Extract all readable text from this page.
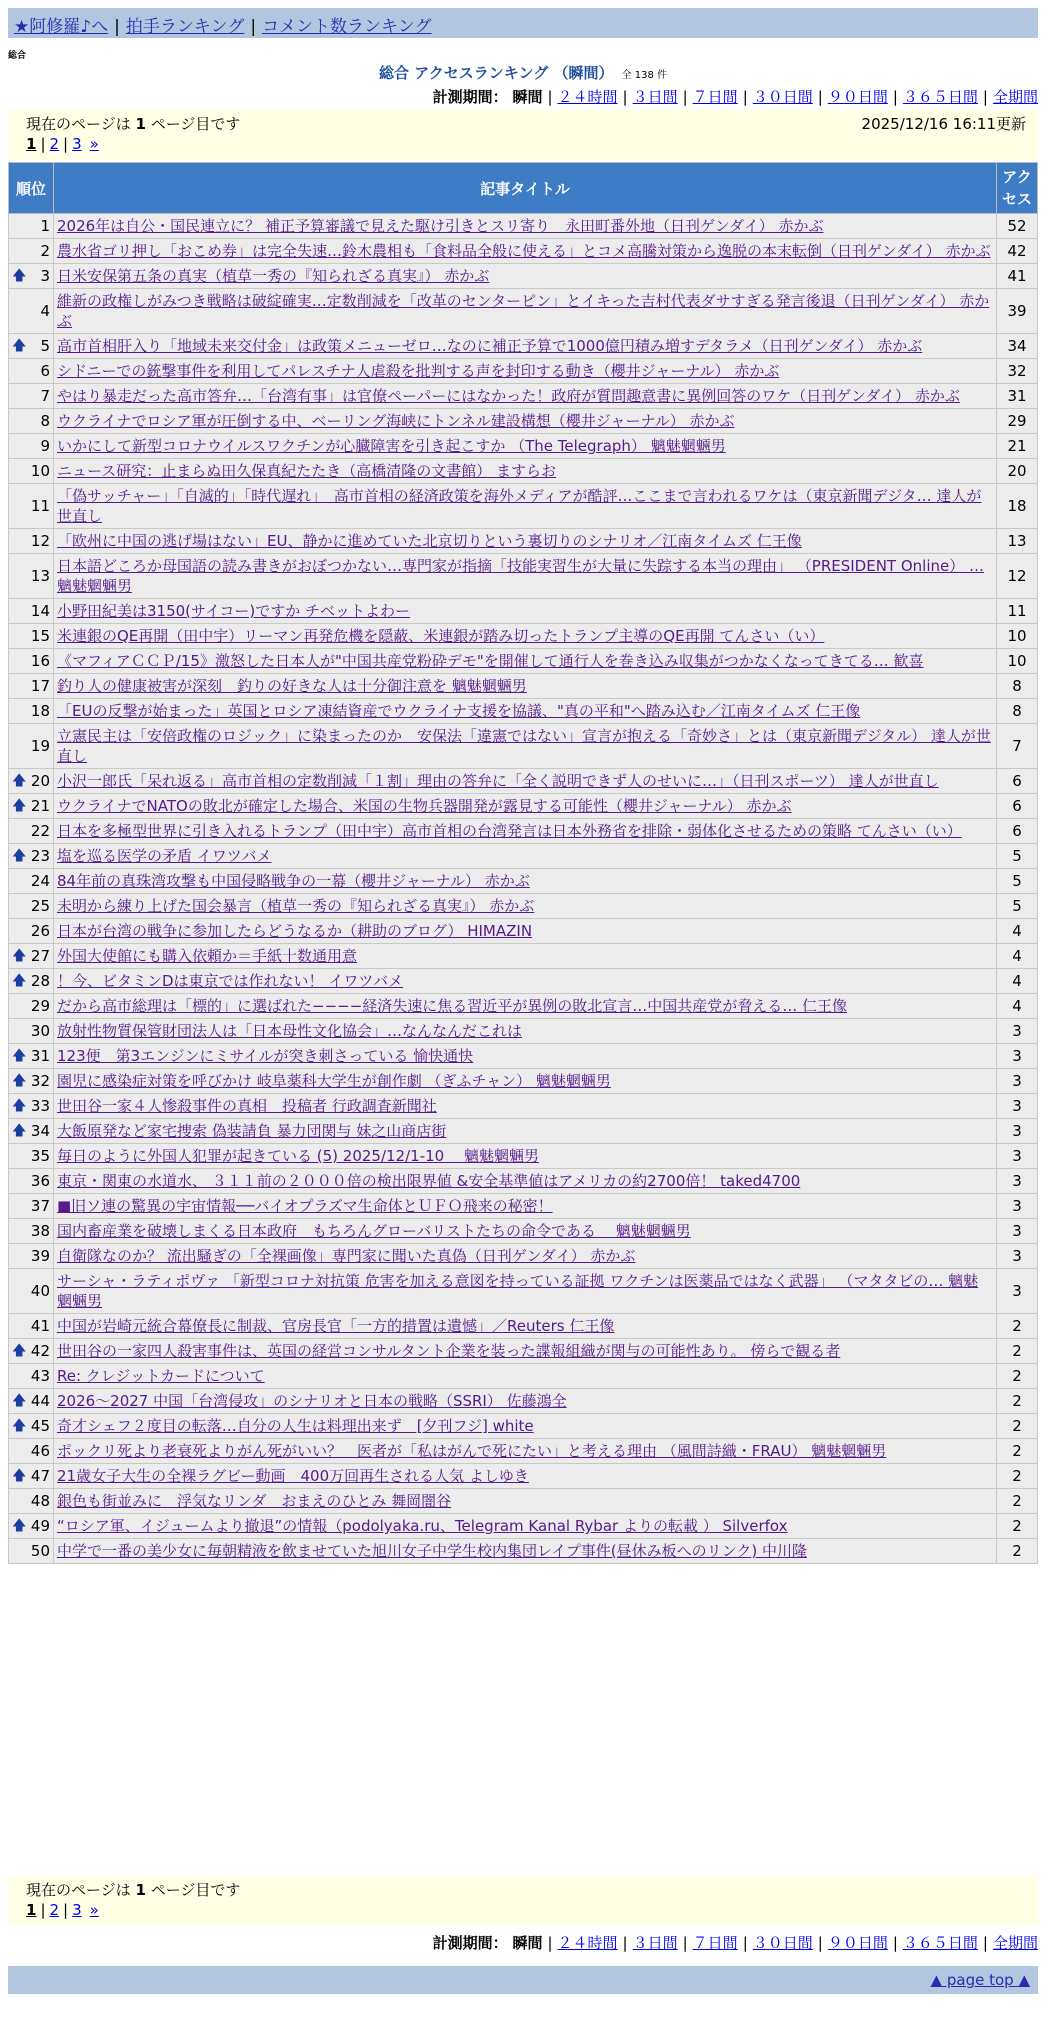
★阿修羅♪へ | 拍手ランキング | コメント数ランキング
総合
総合 アクセスランキング （瞬間） 全 138 件
計測期間： 瞬間 | ２４時間 | ３日間 | ７日間 | ３０日間 | ９０日間 | ３６５日間 | 全期間
現在のページは 1 ページ目です	2025/12/16 16:11更新
1 | 2 | 3 »
順位	記事タイトル	アクセス
1	2026年は自公・国民連立に？ 補正予算審議で見えた駆け引きとスリ寄り　永田町番外地（日刊ゲンダイ） 赤かぶ	52
2	農水省ゴリ押し「おこめ券」は完全失速…鈴木農相も「食料品全般に使える」とコメ高騰対策から逸脱の本末転倒（日刊ゲンダイ） 赤かぶ	42

🡅 3	日米安保第五条の真実（植草一秀の『知られざる真実』） 赤かぶ	41
4	維新の政権しがみつき戦略は破綻確実…定数削減を「改革のセンターピン」とイキった吉村代表ダサすぎる発言後退（日刊ゲンダイ） 赤かぶ	39

🡅 5	高市首相肝入り「地域未来交付金」は政策メニューゼロ…なのに補正予算で1000億円積み増すデタラメ（日刊ゲンダイ） 赤かぶ	34
6	シドニーでの銃撃事件を利用してパレスチナ人虐殺を批判する声を封印する動き（櫻井ジャーナル） 赤かぶ	32
7	やはり暴走だった高市答弁…「台湾有事」は官僚ペーパーにはなかった！政府が質問趣意書に異例回答のワケ（日刊ゲンダイ） 赤かぶ	31
8	ウクライナでロシア軍が圧倒する中、ベーリング海峡にトンネル建設構想（櫻井ジャーナル） 赤かぶ	29
9	いかにして新型コロナウイルスワクチンが心臓障害を引き起こすか （The Telegraph） 魑魅魍魎男	21
10	ニュース研究：止まらぬ田久保真紀たたき（高橋清隆の文書館） ますらお	20
11	「偽サッチャー」「自滅的」「時代遅れ」　高市首相の経済政策を海外メディアが酷評…ここまで言われるワケは（東京新聞デジタ… 達人が世直し	18
12	「欧州に中国の逃げ場はない」EU、静かに進めていた北京切りという裏切りのシナリオ／江南タイムズ 仁王像	13
13	日本語どころか母国語の読み書きがおぼつかない…専門家が指摘「技能実習生が大量に失踪する本当の理由」 （PRESIDENT Online） … 魑魅魍魎男	12
14	小野田紀美は3150(サイコー)ですか チベットよわー	11
15	米連銀のQE再開（田中宇）リーマン再発危機を隠蔽、米連銀が踏み切ったトランプ主導のQE再開 てんさい（い）	10
16	《マフィアＣＣＰ/15》激怒した日本人が"中国共産党粉砕デモ"を開催して通行人を巻き込み収集がつかなくなってきてる… 歓喜	10
17	釣り人の健康被害が深刻　釣りの好きな人は十分御注意を 魑魅魍魎男	8
18	「EUの反撃が始まった」英国とロシア凍結資産でウクライナ支援を協議、"真の平和"へ踏み込む／江南タイムズ 仁王像	8
19	立憲民主は「安倍政権のロジック」に染まったのか　安保法「違憲ではない」宣言が抱える「奇妙さ」とは（東京新聞デジタル） 達人が世直し	7

🡅 20	小沢一郎氏「呆れ返る」高市首相の定数削減「１割」理由の答弁に「全く説明できず人のせいに…」（日刊スポーツ） 達人が世直し	6

🡅 21	ウクライナでNATOの敗北が確定した場合、米国の生物兵器開発が露見する可能性（櫻井ジャーナル） 赤かぶ	6
22	日本を多極型世界に引き入れるトランプ（田中宇）高市首相の台湾発言は日本外務省を排除・弱体化させるための策略 てんさい（い）	6

🡅 23	塩を巡る医学の矛盾 イワツバメ	5
24	84年前の真珠湾攻撃も中国侵略戦争の一幕（櫻井ジャーナル） 赤かぶ	5
25	未明から練り上げた国会暴言（植草一秀の『知られざる真実』） 赤かぶ	5
26	日本が台湾の戦争に参加したらどうなるか（耕助のブログ） HIMAZIN	4

🡅 27	外国大使館にも購入依頼か＝手紙十数通用意	4

🡅 28	！今、ビタミンDは東京では作れない！ イワツバメ	4
29	だから高市総理は「標的」に選ばれた−−−−経済失速に焦る習近平が異例の敗北宣言…中国共産党が脅える… 仁王像	4
30	放射性物質保管財団法人は「日本母性文化協会」…なんなんだこれは	3

🡅 31	123便　第3エンジンにミサイルが突き刺さっている 愉快通快	3

🡅 32	園児に感染症対策を呼びかけ 岐阜薬科大学生が創作劇 （ぎふチャン） 魑魅魍魎男	3

🡅 33	世田谷一家４人惨殺事件の真相　投稿者 行政調査新聞社	3

🡅 34	大飯原発など家宅捜索 偽装請負 暴力団関与 妹之山商店街	3
35	毎日のように外国人犯罪が起きている (5) 2025/12/1-10　 魑魅魍魎男	3
36	東京・関東の水道水、 ３１１前の２０００倍の検出限界値 &安全基準値はアメリカの約2700倍！ taked4700	3
37	■旧ソ連の驚異の宇宙情報──バイオプラズマ生命体とＵＦＯ飛来の秘密！	3
38	国内畜産業を破壊しまくる日本政府　もちろんグローバリストたちの命令である　 魑魅魍魎男	3
39	自衛隊なのか？ 流出騒ぎの「全裸画像」専門家に聞いた真偽（日刊ゲンダイ） 赤かぶ	3
40	サーシャ・ラティポヴァ 「新型コロナ対抗策 危害を加える意図を持っている証拠 ワクチンは医薬品ではなく武器」 （マタタビの… 魑魅魍魎男	3
41	中国が岩崎元統合幕僚長に制裁、官房長官「一方的措置は遺憾」／Reuters 仁王像	2

🡅 42	世田谷の一家四人殺害事件は、英国の経営コンサルタント企業を装った諜報組織が関与の可能性あり。 傍らで観る者	2
43	Re: クレジットカードについて	2

🡅 44	2026〜2027 中国「台湾侵攻」のシナリオと日本の戦略（SSRI） 佐藤鴻全	2

🡅 45	奇才シェフ２度目の転落…自分の人生は料理出来ず　[夕刊フジ] white	2
46	ポックリ死より老衰死よりがん死がいい？　医者が「私はがんで死にたい」と考える理由 （風間詩織・FRAU） 魑魅魍魎男	2

🡅 47	21歳女子大生の全裸ラグビー動画　400万回再生される人気 よしゆき	2
48	銀色も街並みに　浮気なリンダ　おまえのひとみ 舞岡闇谷	2

🡅 49	“ロシア軍、イジュームより撤退”の情報（podolyaka.ru、Telegram Kanal Rybar よりの転載 ） Silverfox	2
50	中学で一番の美少女に毎朝精液を飲ませていた旭川女子中学生校内集団レイプ事件(昼休み板へのリンク) 中川隆	2
現在のページは 1 ページ目です
1 | 2 | 3 »
計測期間： 瞬間 | ２４時間 | ３日間 | ７日間 | ３０日間 | ９０日間 | ３６５日間 | 全期間
▲ page top ▲
